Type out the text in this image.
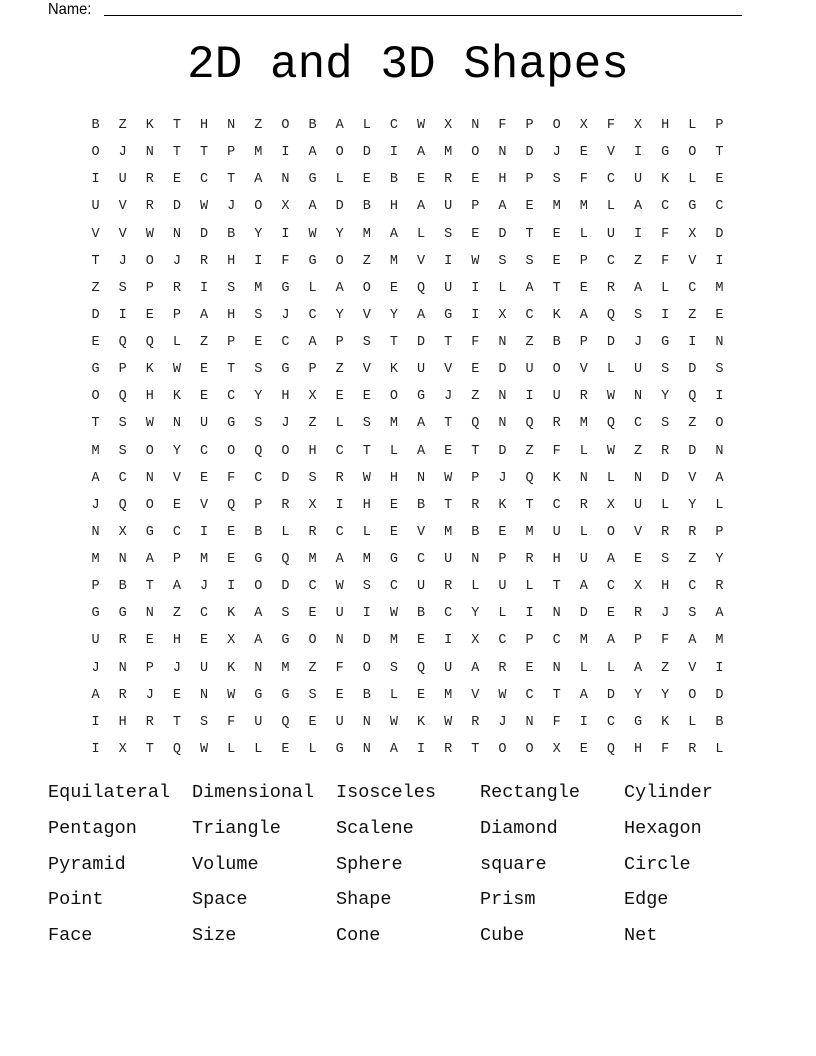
Name:
2D and 3D Shapes
B	Z	K	T	H	N	Z	O	B	A	L	C	W	X	N	F	P	O	X	F	X	H	L	P
O	J	N	T	T	P	M	I	A	O	D	I	A	M	O	N	D	J	E	V	I	G	O	T
I	U	R	E	C	T	A	N	G	L	E	B	E	R	E	H	P	S	F	C	U	K	L	E
U	V	R	D	W	J	O	X	A	D	B	H	A	U	P	A	E	M	M	L	A	C	G	C
V	V	W	N	D	B	Y	I	W	Y	M	A	L	S	E	D	T	E	L	U	I	F	X	D
T	J	O	J	R	H	I	F	G	O	Z	M	V	I	W	S	S	E	P	C	Z	F	V	I
Z	S	P	R	I	S	M	G	L	A	O	E	Q	U	I	L	A	T	E	R	A	L	C	M
D	I	E	P	A	H	S	J	C	Y	V	Y	A	G	I	X	C	K	A	Q	S	I	Z	E
E	Q	Q	L	Z	P	E	C	A	P	S	T	D	T	F	N	Z	B	P	D	J	G	I	N
G	P	K	W	E	T	S	G	P	Z	V	K	U	V	E	D	U	O	V	L	U	S	D	S
O	Q	H	K	E	C	Y	H	X	E	E	O	G	J	Z	N	I	U	R	W	N	Y	Q	I
T	S	W	N	U	G	S	J	Z	L	S	M	A	T	Q	N	Q	R	M	Q	C	S	Z	O
M	S	O	Y	C	O	Q	O	H	C	T	L	A	E	T	D	Z	F	L	W	Z	R	D	N
A	C	N	V	E	F	C	D	S	R	W	H	N	W	P	J	Q	K	N	L	N	D	V	A
J	Q	O	E	V	Q	P	R	X	I	H	E	B	T	R	K	T	C	R	X	U	L	Y	L
N	X	G	C	I	E	B	L	R	C	L	E	V	M	B	E	M	U	L	O	V	R	R	P
M	N	A	P	M	E	G	Q	M	A	M	G	C	U	N	P	R	H	U	A	E	S	Z	Y
P	B	T	A	J	I	O	D	C	W	S	C	U	R	L	U	L	T	A	C	X	H	C	R
G	G	N	Z	C	K	A	S	E	U	I	W	B	C	Y	L	I	N	D	E	R	J	S	A
U	R	E	H	E	X	A	G	O	N	D	M	E	I	X	C	P	C	M	A	P	F	A	M
J	N	P	J	U	K	N	M	Z	F	O	S	Q	U	A	R	E	N	L	L	A	Z	V	I
A	R	J	E	N	W	G	G	S	E	B	L	E	M	V	W	C	T	A	D	Y	Y	O	D
I	H	R	T	S	F	U	Q	E	U	N	W	K	W	R	J	N	F	I	C	G	K	L	B
I	X	T	Q	W	L	L	E	L	G	N	A	I	R	T	O	O	X	E	Q	H	F	R	L
Equilateral Dimensional Isosceles Rectangle Cylinder
Pentagon	Triangle	Scalene	Diamond	Hexagon
Pyramid	Volume	Sphere	square	Circle
Point	Space	Shape	Prism	Edge
Face	Size	Cone	Cube	Net
